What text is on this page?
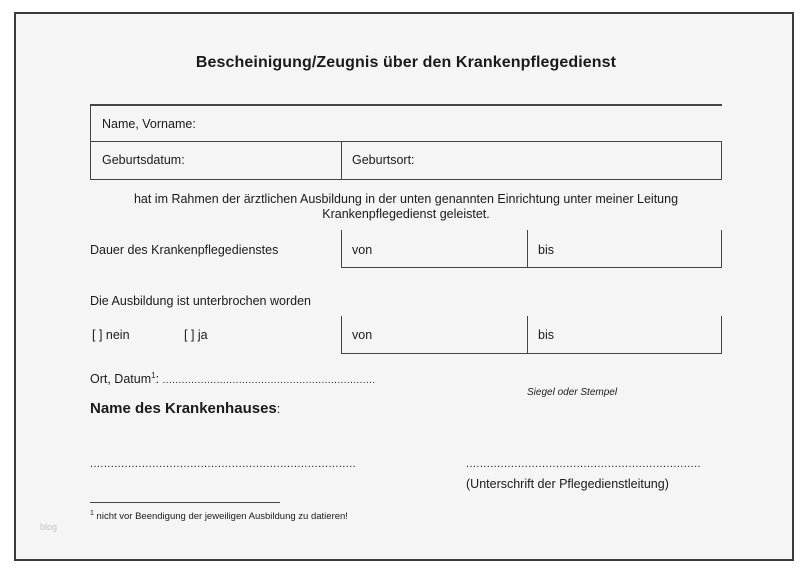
Bescheinigung/Zeugnis über den Krankenpflegedienst
Name, Vorname:
Geburtsdatum:	Geburtsort:
hat im Rahmen der ärztlichen Ausbildung in der unten genannten Einrichtung unter meiner Leitung
Krankenpflegedienst geleistet.
Dauer des Krankenpflegedienstes	von	bis
Die Ausbildung ist unterbrochen worden
[ ] nein	[ ] ja	von	bis
Ort, Datum$^1$: ...................................................................
Siegel oder Stempel
Name des Krankenhauses:
.............................................................................	....................................................................
(Unterschrift der Pflegedienstleitung)
$^1$ nicht vor Beendigung der jeweiligen Ausbildung zu datieren!
blog
